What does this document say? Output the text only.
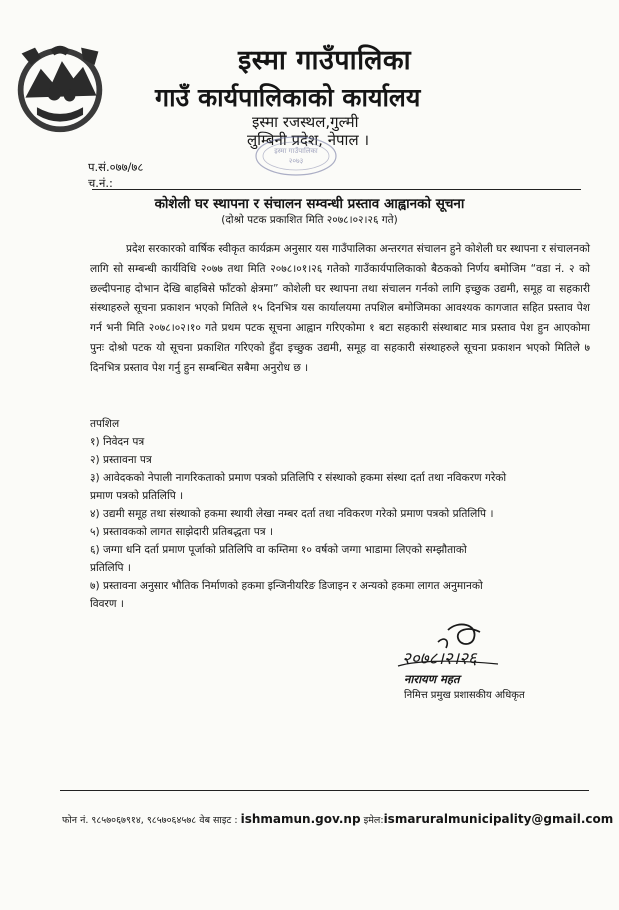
इस्मा गाउँपालिका
गाउँ कार्यपालिकाको कार्यालय
इस्मा रजस्थल,गुल्मी
लुम्बिनी प्रदेश, नेपाल ।
इस्मा गाउँपालिका
२०७३
प.सं.०७७/७८
च.नं.:
कोशेली घर स्थापना र संचालन सम्वन्धी प्रस्ताव आह्वानको सूचना
(दोश्रो पटक प्रकाशित मिति २०७८।०२।२६ गते)
प्रदेश सरकारको वार्षिक स्वीकृत कार्यक्रम अनुसार यस गाउँपालिका अन्तरगत संचालन हुने कोशेली घर स्थापना र संचालनको लागि सो सम्बन्धी कार्यविधि २०७७ तथा मिति २०७८।०१।२६ गतेको गाउँकार्यपालिकाको बैठकको निर्णय बमोजिम “वडा नं. २ को छल्दीपनाह दोभान देखि बाहबिसे फाँटको क्षेत्रमा” कोशेली घर स्थापना तथा संचालन गर्नको लागि इच्छुक उद्यमी, समूह वा सहकारी संस्थाहरुले सूचना प्रकाशन भएको मितिले १५ दिनभित्र यस कार्यालयमा तपशिल बमोजिमका आवश्यक कागजात सहित प्रस्ताव पेश गर्न भनी मिति २०७८।०२।१० गते प्रथम पटक सूचना आह्वान गरिएकोमा १ बटा सहकारी संस्थाबाट मात्र प्रस्ताव पेश हुन आएकोमा पुनः दोश्रो पटक यो सूचना प्रकाशित गरिएको हुँदा इच्छुक उद्यमी, समूह वा सहकारी संस्थाहरुले सूचना प्रकाशन भएको मितिले ७ दिनभित्र प्रस्ताव पेश गर्नु हुन सम्बन्धित सबैमा अनुरोध छ ।
तपशिल
१) निवेदन पत्र
२) प्रस्तावना पत्र
३) आवेदकको नेपाली नागरिकताको प्रमाण पत्रको प्रतिलिपि र संस्थाको हकमा संस्था दर्ता तथा नविकरण गरेको
प्रमाण पत्रको प्रतिलिपि ।
४) उद्यमी समूह तथा संस्थाको हकमा स्थायी लेखा नम्बर दर्ता तथा नविकरण गरेको प्रमाण पत्रको प्रतिलिपि ।
५) प्रस्तावकको लागत साझेदारी प्रतिबद्धता पत्र ।
६) जग्गा धनि दर्ता प्रमाण पूर्जाको प्रतिलिपि वा कम्तिमा १० वर्षको जग्गा भाडामा लिएको सम्झौताको
प्रतिलिपि ।
७) प्रस्तावना अनुसार भौतिक निर्माणको हकमा इन्जिनीयरिङ डिजाइन र अन्यको हकमा लागत अनुमानको
विवरण ।
२०७८।२।२६
नारायण महत
निमित्त प्रमुख प्रशासकीय अधिकृत
फोन नं. ९८५७०६७९१४, ९८५७०६४५७८ वेब साइट : ishmamun.gov.np इमेल:ismaruralmunicipality@gmail.com
